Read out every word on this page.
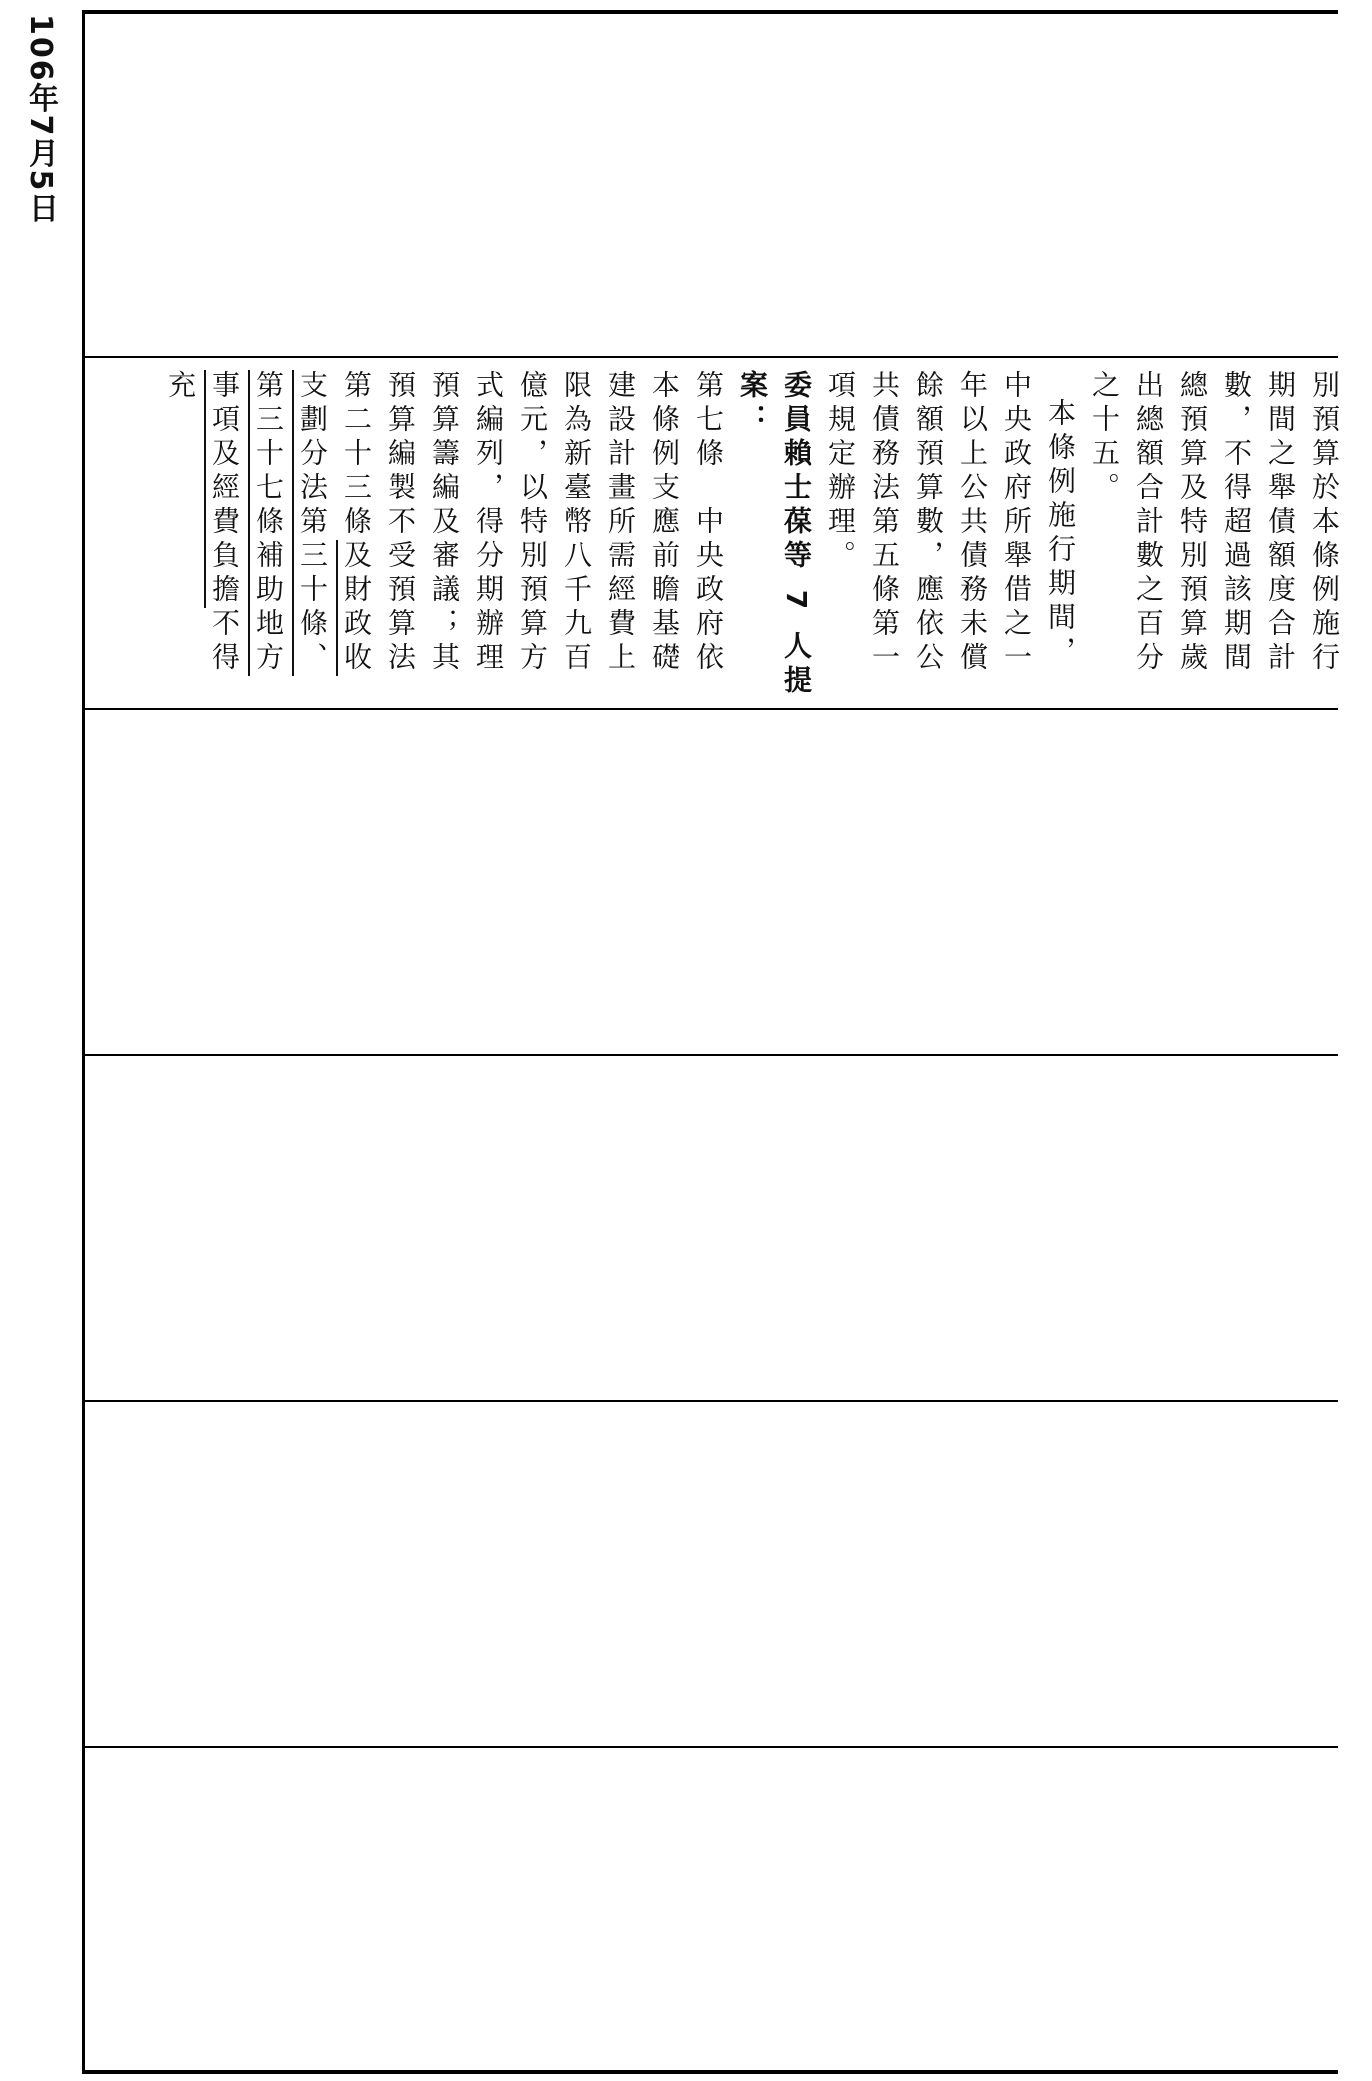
106年7月5日

別預算於本條例施行期間之舉債額度合計數，不得超過該期間總預算及特別預算歲出總額合計數之百分之十五。

本條例施行期間，中央政府所舉借之一年以上公共債務未償餘額預算數，應依公共債務法第五條第一項規定辦理。

委員賴士葆等 7 人提案：

第七條　中央政府依本條例支應前瞻基礎建設計畫所需經費上限為新臺幣八千九百億元，以特別預算方式編列，得分期辦理預算籌編及審議；其預算編製不受預算法第二十三條及財政收支劃分法第三十條、第三十七條補助地方事項及經費負擔不得充
